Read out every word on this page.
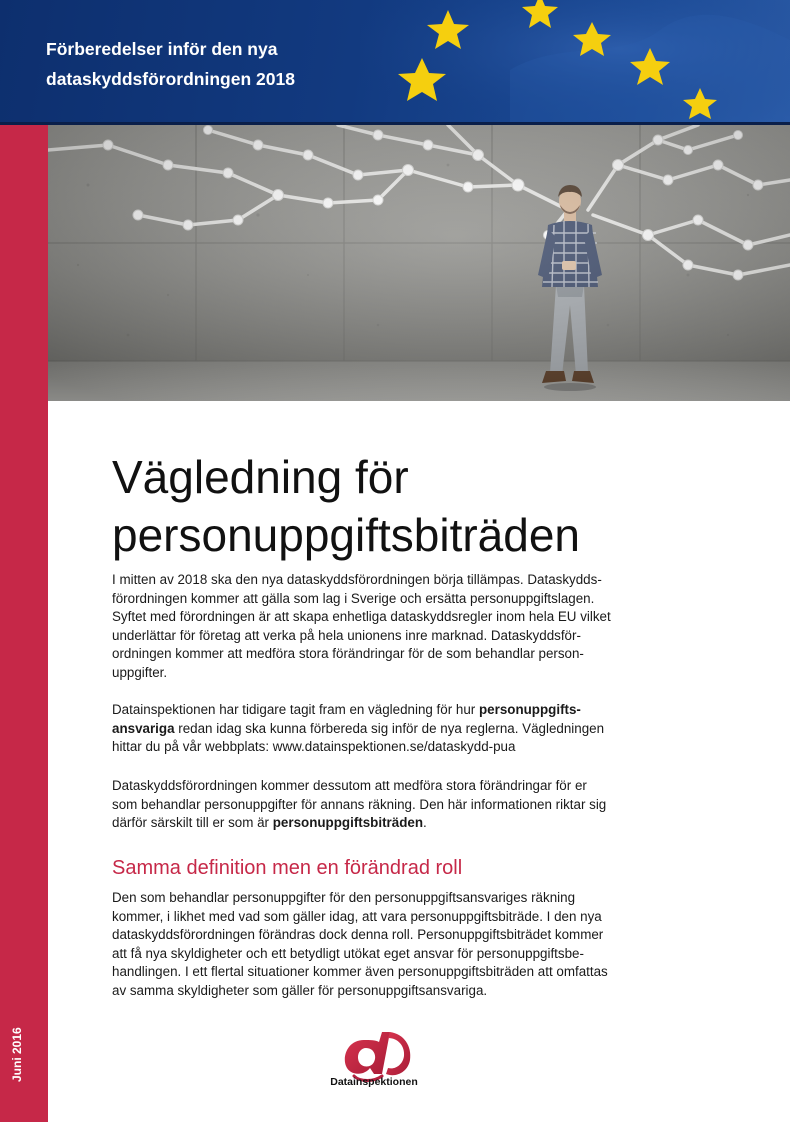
Förberedelser inför den nya
dataskyddsförordningen 2018
Juni 2016
Vägledning för
personuppgiftsbiträden
I mitten av 2018 ska den nya dataskyddsförordningen börja tillämpas. Dataskydds-
förordningen kommer att gälla som lag i Sverige och ersätta personuppgiftslagen.
Syftet med förordningen är att skapa enhetliga dataskyddsregler inom hela EU vilket
underlättar för företag att verka på hela unionens inre marknad. Dataskyddsför-
ordningen kommer att medföra stora förändringar för de som behandlar person-
uppgifter.
Datainspektionen har tidigare tagit fram en vägledning för hur personuppgifts-
ansvariga redan idag ska kunna förbereda sig inför de nya reglerna. Vägledningen
hittar du på vår webbplats: www.datainspektionen.se/dataskydd-pua
Dataskyddsförordningen kommer dessutom att medföra stora förändringar för er
som behandlar personuppgifter för annans räkning. Den här informationen riktar sig
därför särskilt till er som är personuppgiftsbiträden.
Samma definition men en förändrad roll
Den som behandlar personuppgifter för den personuppgiftsansvariges räkning
kommer, i likhet med vad som gäller idag, att vara personuppgiftsbiträde. I den nya
dataskyddsförordningen förändras dock denna roll. Personuppgiftsbiträdet kommer
att få nya skyldigheter och ett betydligt utökat eget ansvar för personuppgiftsbe-
handlingen. I ett flertal situationer kommer även personuppgiftsbiträden att omfattas
av samma skyldigheter som gäller för personuppgiftsansvariga.
Datainspektionen
